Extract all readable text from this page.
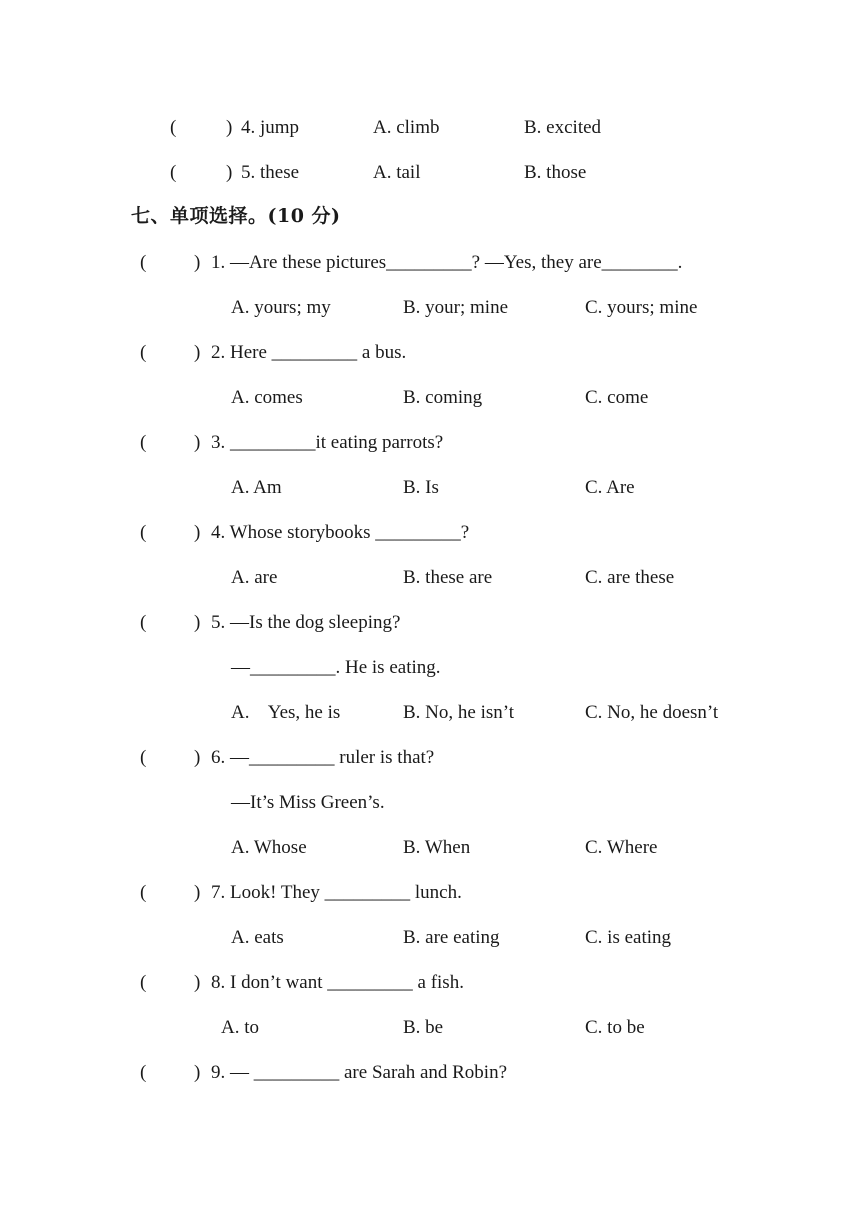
(	) 4. jump	A. climb	B. excited
(	) 5. these	A. tail	B. those
七、单项选择。(10 分)
(	) 1. —Are these pictures_________? —Yes, they are________.
A. yours; my	B. your; mine	C. yours; mine
(	) 2. Here _________ a bus.
A. comes	B. coming	C. come
(	) 3. _________it eating parrots?
A. Am	B. Is	C. Are
(	) 4. Whose storybooks _________?
A. are	B. these are	C. are these
(	) 5. —Is the dog sleeping?
—_________. He is eating.
A.    Yes, he is	B. No, he isn’t	C. No, he doesn’t
(	) 6. —_________ ruler is that?
—It’s Miss Green’s.
A. Whose	B. When	C. Where
(	) 7. Look! They _________ lunch.
A. eats	B. are eating	C. is eating
(	) 8. I don’t want _________ a fish.
A. to	B. be	C. to be
(	) 9. — _________ are Sarah and Robin?
